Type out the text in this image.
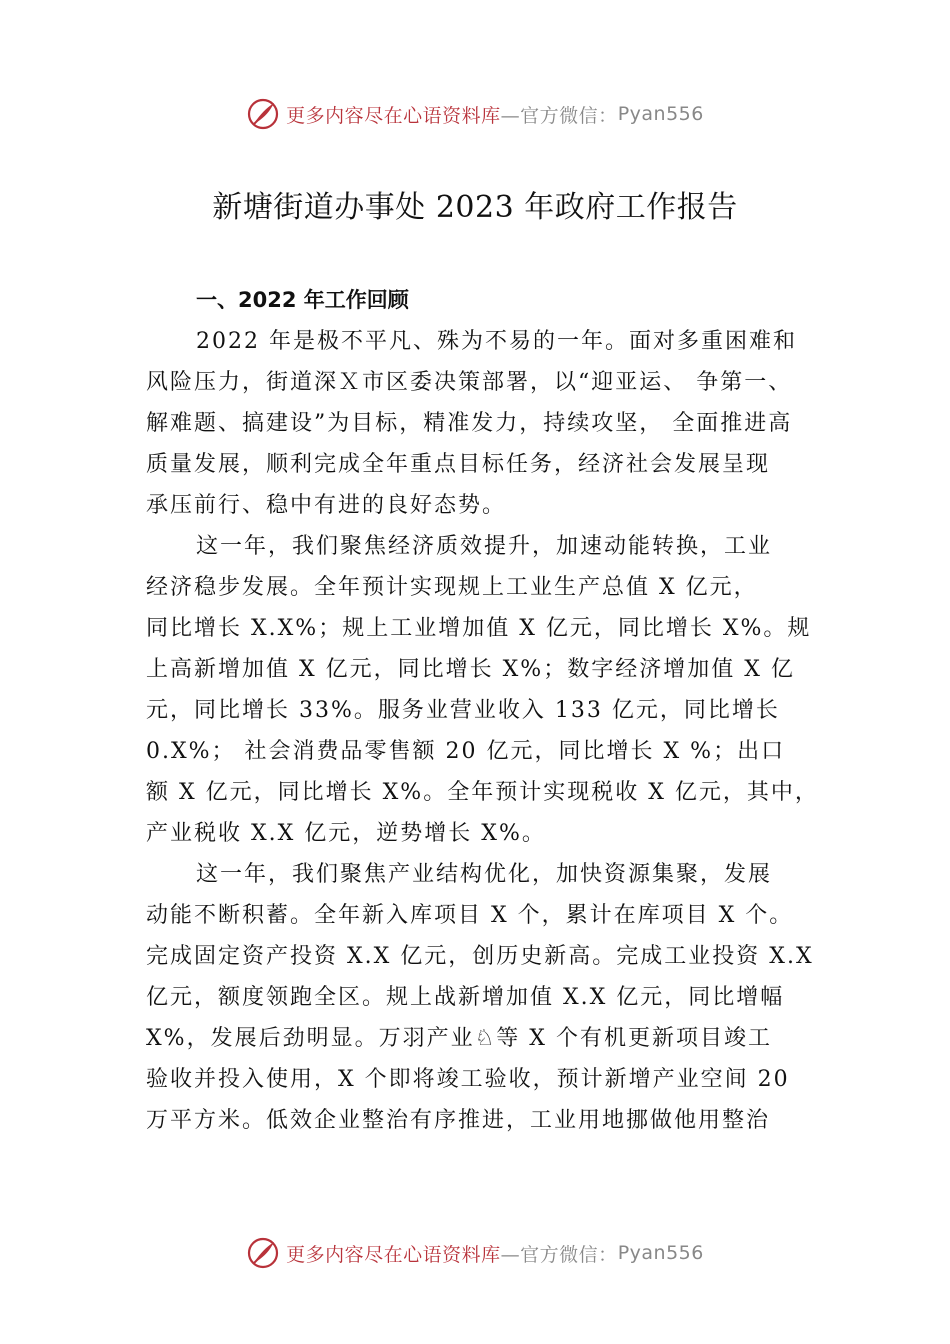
更多内容尽在心语资料库 —官方微信： Pyan556
新塘街道办事处 2023 年政府工作报告
一、2022 年工作回顾
2022 年是极不平凡、殊为不易的一年。面对多重困难和
风险压力，街道深Ｘ市区委决策部署，以“迎亚运、 争第一、
解难题、搞建设”为目标，精准发力，持续攻坚， 全面推进高
质量发展，顺利完成全年重点目标任务，经济社会发展呈现
承压前行、稳中有进的良好态势。
这一年，我们聚焦经济质效提升，加速动能转换，工业
经济稳步发展。全年预计实现规上工业生产总值 X 亿元，
同比增长 X.X%；规上工业增加值 X 亿元，同比增长 X%。规
上高新增加值 X 亿元，同比增长 X%；数字经济增加值 X 亿
元，同比增长 33%。服务业营业收入 133 亿元，同比增长
0.X%； 社会消费品零售额 20 亿元，同比增长 X %；出口
额 X 亿元，同比增长 X%。全年预计实现税收 X 亿元，其中，
产业税收 X.X 亿元，逆势增长 X%。
这一年，我们聚焦产业结构优化，加快资源集聚，发展
动能不断积蓄。全年新入库项目 X 个，累计在库项目 X 个。
完成固定资产投资 X.X 亿元，创历史新高。完成工业投资 X.X
亿元，额度领跑全区。规上战新增加值 X.X 亿元，同比增幅
X%，发展后劲明显。万羽产业♘等 X 个有机更新项目竣工
验收并投入使用，X 个即将竣工验收，预计新增产业空间 20
万平方米。低效企业整治有序推进，工业用地挪做他用整治
更多内容尽在心语资料库 —官方微信： Pyan556
